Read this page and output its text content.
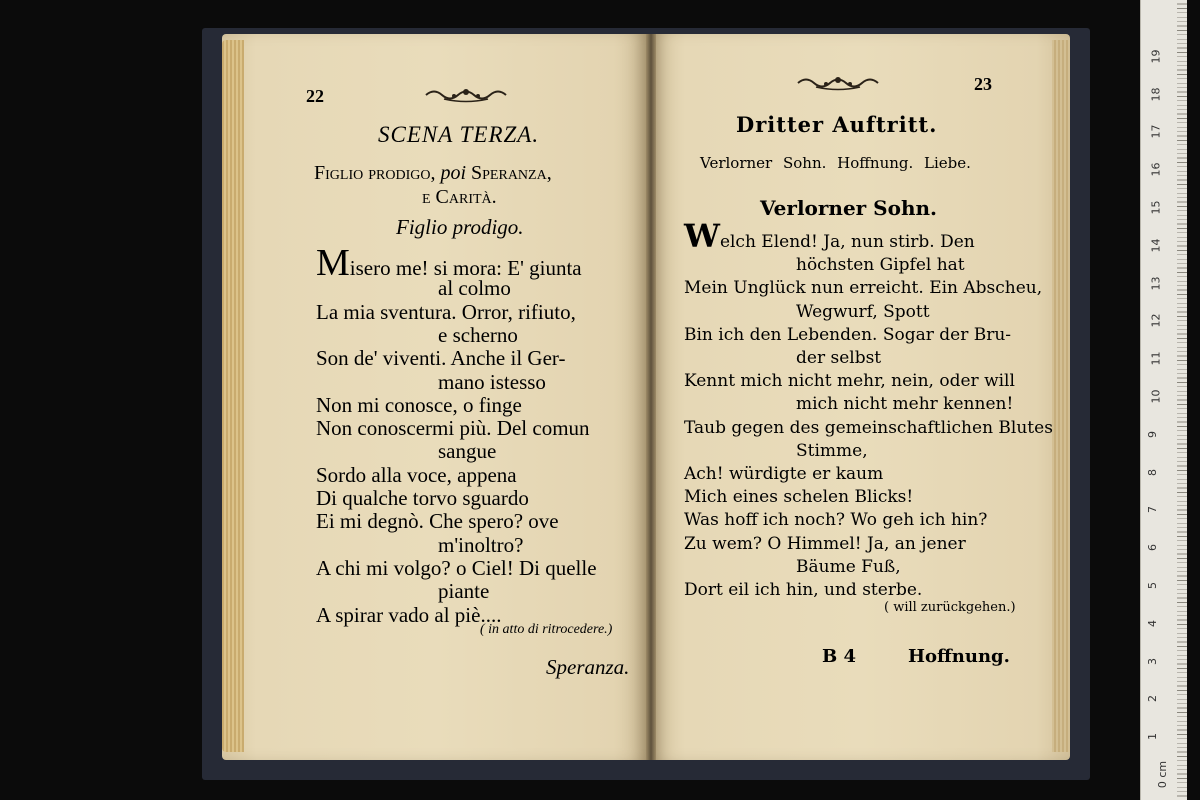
22
SCENA TERZA.
Figlio prodigo, poi Speranza,
e Carità.
Figlio prodigo.
Misero me! si mora: E' giunta
al colmo
La mia sventura. Orror, rifiuto,
e scherno
Son de' viventi. Anche il Ger-
mano istesso
Non mi conosce, o finge
Non conoscermi più. Del comun
sangue
Sordo alla voce, appena
Di qualche torvo sguardo
Ei mi degnò. Che spero? ove
m'inoltro?
A chi mi volgo? o Ciel! Di quelle
piante
A spirar vado al piè....
( in atto di ritrocedere.)
Speranza.
23
Dritter Auftritt.
Verlorner Sohn. Hoffnung. Liebe.
Verlorner Sohn.
Welch Elend! Ja, nun stirb. Den
höchsten Gipfel hat
Mein Unglück nun erreicht. Ein Abscheu,
Wegwurf, Spott
Bin ich den Lebenden. Sogar der Bru-
der selbst
Kennt mich nicht mehr, nein, oder will
mich nicht mehr kennen!
Taub gegen des gemeinschaftlichen Blutes
Stimme,
Ach! würdigte er kaum
Mich eines schelen Blicks!
Was hoff ich noch? Wo geh ich hin?
Zu wem? O Himmel! Ja, an jener
Bäume Fuß,
Dort eil ich hin, und sterbe.
( will zurückgehen.)
B 4	Hoffnung.
0 cm
1
2
3
4
5
6
7
8
9
10
11
12
13
14
15
16
17
18
19
